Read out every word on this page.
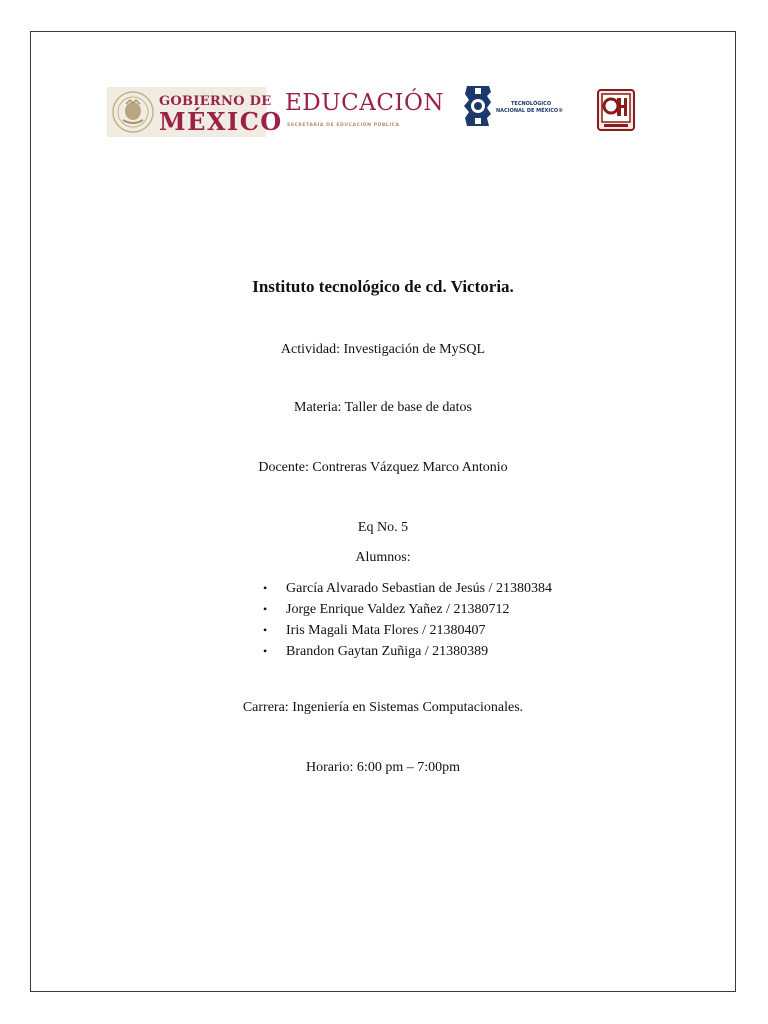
GOBIERNO DE
MÉXICO
EDUCACIÓN
SECRETARÍA DE EDUCACIÓN PÚBLICA
TECNOLÓGICO
NACIONAL DE MÉXICO®
Instituto tecnológico de cd. Victoria.
Actividad: Investigación de MySQL
Materia: Taller de base de datos
Docente: Contreras Vázquez Marco Antonio
Eq No. 5
Alumnos:
• García Alvarado Sebastian de Jesús / 21380384
• Jorge Enrique Valdez Yañez / 21380712
• Iris Magali Mata Flores / 21380407
• Brandon Gaytan Zuñiga / 21380389
Carrera: Ingeniería en Sistemas Computacionales.
Horario: 6:00 pm – 7:00pm
